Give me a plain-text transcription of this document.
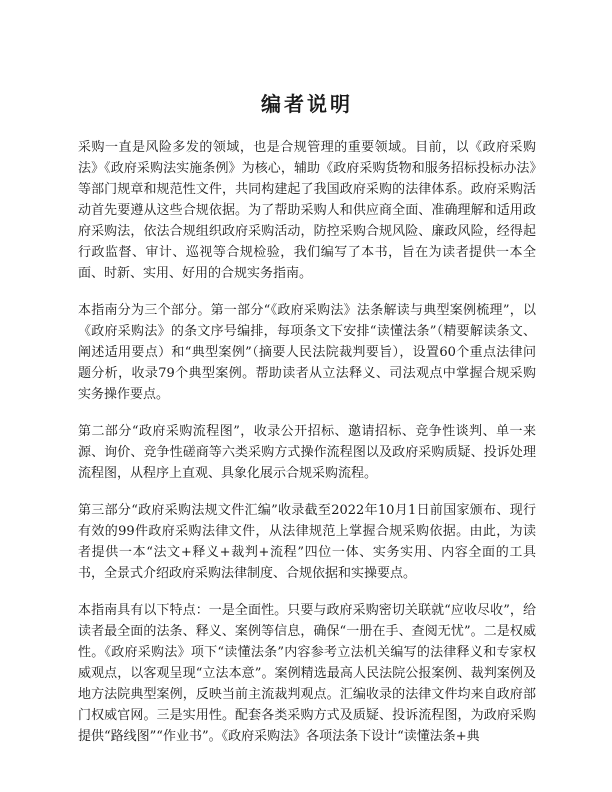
编者说明

采购一直是风险多发的领域，也是合规管理的重要领域。目前，以《政府采购法》《政府采购法实施条例》为核心，辅助《政府采购货物和服务招标投标办法》等部门规章和规范性文件，共同构建起了我国政府采购的法律体系。政府采购活动首先要遵从这些合规依据。为了帮助采购人和供应商全面、准确理解和适用政府采购法，依法合规组织政府采购活动，防控采购合规风险、廉政风险，经得起行政监督、审计、巡视等合规检验，我们编写了本书，旨在为读者提供一本全面、时新、实用、好用的合规实务指南。

本指南分为三个部分。第一部分“《政府采购法》法条解读与典型案例梳理”，以《政府采购法》的条文序号编排，每项条文下安排“读懂法条”（精要解读条文、阐述适用要点）和“典型案例”（摘要人民法院裁判要旨），设置60个重点法律问题分析，收录79个典型案例。帮助读者从立法释义、司法观点中掌握合规采购实务操作要点。

第二部分“政府采购流程图”，收录公开招标、邀请招标、竞争性谈判、单一来源、询价、竞争性磋商等六类采购方式操作流程图以及政府采购质疑、投诉处理流程图，从程序上直观、具象化展示合规采购流程。

第三部分“政府采购法规文件汇编”收录截至2022年10月1日前国家颁布、现行有效的99件政府采购法律文件，从法律规范上掌握合规采购依据。由此，为读者提供一本“法文+释义+裁判+流程”四位一体、实务实用、内容全面的工具书，全景式介绍政府采购法律制度、合规依据和实操要点。

本指南具有以下特点：一是全面性。只要与政府采购密切关联就“应收尽收”，给读者最全面的法条、释义、案例等信息，确保“一册在手、查阅无忧”。二是权威性。《政府采购法》项下“读懂法条”内容参考立法机关编写的法律释义和专家权威观点，以客观呈现“立法本意”。案例精选最高人民法院公报案例、裁判案例及地方法院典型案例，反映当前主流裁判观点。汇编收录的法律文件均来自政府部门权威官网。三是实用性。配套各类采购方式及质疑、投诉流程图，为政府采购提供“路线图”“作业书”。《政府采购法》各项法条下设计“读懂法条+典
